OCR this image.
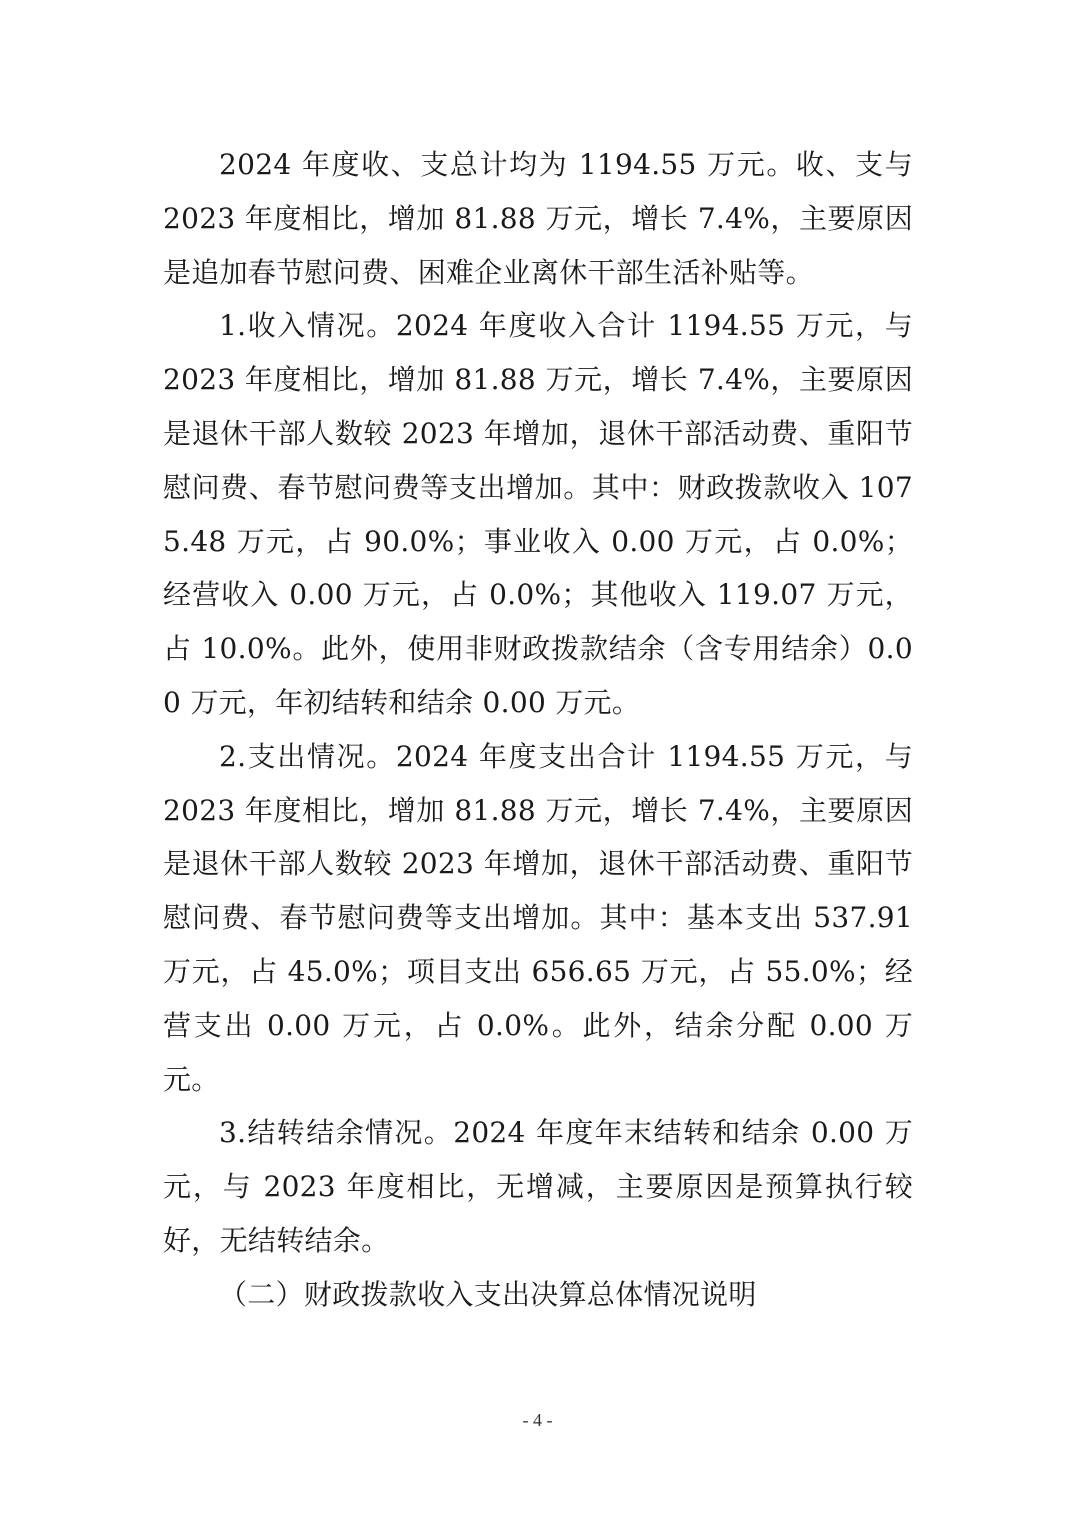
2024 年度收、支总计均为 1194.55 万元。收、支与 2023 年度相比，增加 81.88 万元，增长 7.4%，主要原因是追加春节慰问费、困难企业离休干部生活补贴等。

1.收入情况。2024 年度收入合计 1194.55 万元，与 2023 年度相比，增加 81.88 万元，增长 7.4%，主要原因是退休干部人数较 2023 年增加，退休干部活动费、重阳节慰问费、春节慰问费等支出增加。其中：财政拨款收入 1075.48 万元，占 90.0%；事业收入 0.00 万元，占 0.0%；经营收入 0.00 万元，占 0.0%；其他收入 119.07 万元，占 10.0%。此外，使用非财政拨款结余（含专用结余）0.00 万元，年初结转和结余 0.00 万元。

2.支出情况。2024 年度支出合计 1194.55 万元，与 2023 年度相比，增加 81.88 万元，增长 7.4%，主要原因是退休干部人数较 2023 年增加，退休干部活动费、重阳节慰问费、春节慰问费等支出增加。其中：基本支出 537.91 万元，占 45.0%；项目支出 656.65 万元，占 55.0%；经营支出 0.00 万元，占 0.0%。此外，结余分配 0.00 万元。

3.结转结余情况。2024 年度年末结转和结余 0.00 万元，与 2023 年度相比，无增减，主要原因是预算执行较好，无结转结余。

（二）财政拨款收入支出决算总体情况说明

- 4 -
